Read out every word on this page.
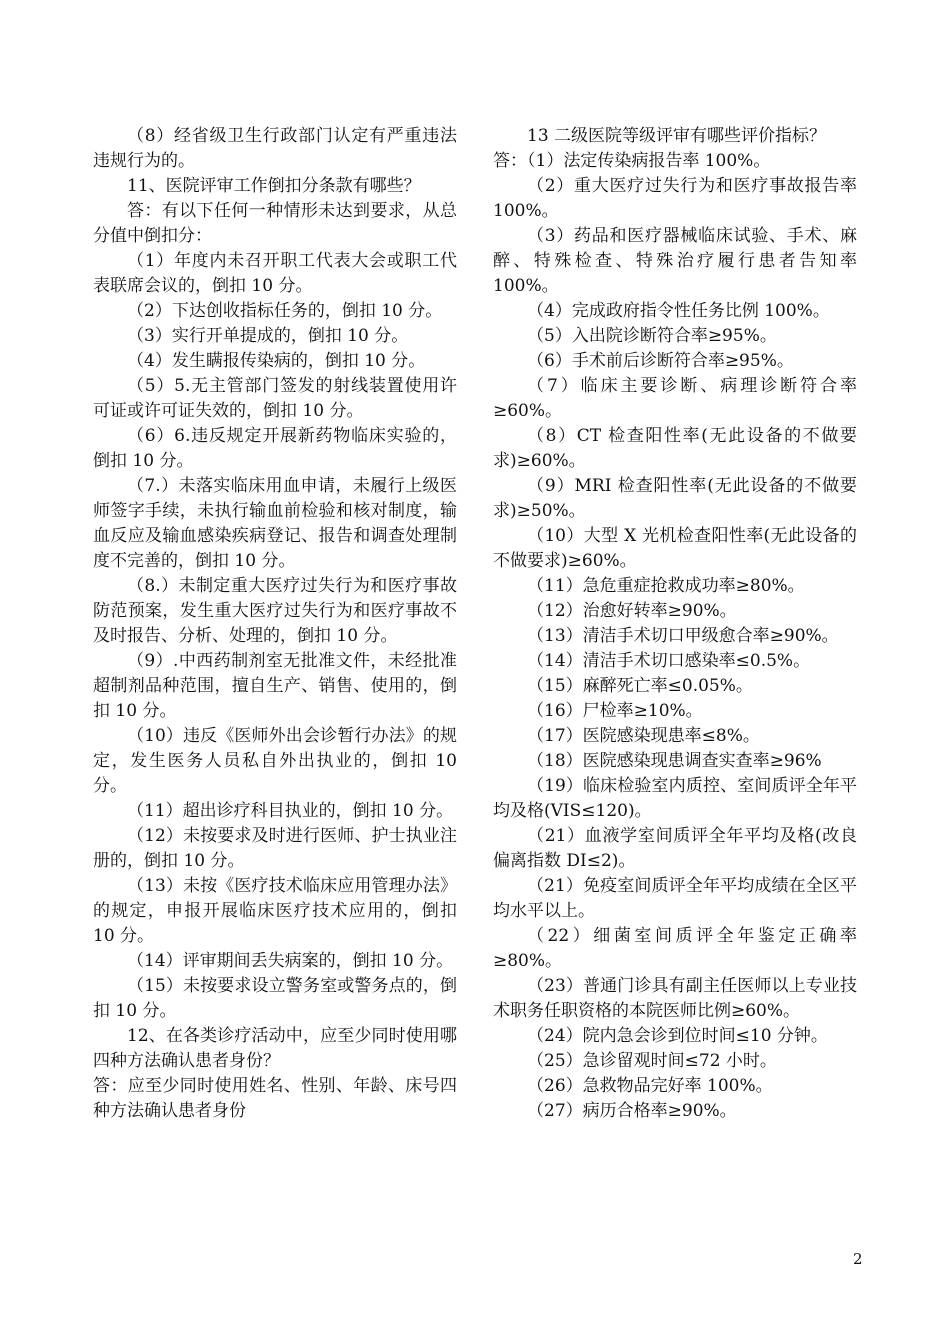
（8）经省级卫生行政部门认定有严重违法违规行为的。

11、医院评审工作倒扣分条款有哪些？

答：有以下任何一种情形未达到要求，从总分值中倒扣分：

（1）年度内未召开职工代表大会或职工代表联席会议的，倒扣 10 分。

（2）下达创收指标任务的，倒扣 10 分。

（3）实行开单提成的，倒扣 10 分。

（4）发生瞒报传染病的，倒扣 10 分。

（5）5.无主管部门签发的射线装置使用许可证或许可证失效的，倒扣 10 分。

（6）6.违反规定开展新药物临床实验的，倒扣 10 分。

（7.）未落实临床用血申请，未履行上级医师签字手续，未执行输血前检验和核对制度，输血反应及输血感染疾病登记、报告和调查处理制度不完善的，倒扣 10 分。

（8.）未制定重大医疗过失行为和医疗事故防范预案，发生重大医疗过失行为和医疗事故不及时报告、分析、处理的，倒扣 10 分。

（9）.中西药制剂室无批准文件，未经批准超制剂品种范围，擅自生产、销售、使用的，倒扣 10 分。

（10）违反《医师外出会诊暂行办法》的规定，发生医务人员私自外出执业的，倒扣 10 分。

（11）超出诊疗科目执业的，倒扣 10 分。

（12）未按要求及时进行医师、护士执业注册的，倒扣 10 分。

（13）未按《医疗技术临床应用管理办法》的规定，申报开展临床医疗技术应用的，倒扣 10 分。

（14）评审期间丢失病案的，倒扣 10 分。

（15）未按要求设立警务室或警务点的，倒扣 10 分。

12、在各类诊疗活动中，应至少同时使用哪四种方法确认患者身份？

答：应至少同时使用姓名、性别、年龄、床号四种方法确认患者身份

13 二级医院等级评审有哪些评价指标？

答：（1）法定传染病报告率 100%。

（2）重大医疗过失行为和医疗事故报告率 100%。

（3）药品和医疗器械临床试验、手术、麻醉、特殊检查、特殊治疗履行患者告知率 100%。

（4）完成政府指令性任务比例 100%。

（5）入出院诊断符合率≥95%。

（6）手术前后诊断符合率≥95%。

（7）临床主要诊断、病理诊断符合率≥60%。

（8）CT 检查阳性率(无此设备的不做要求)≥60%。

（9）MRI 检查阳性率(无此设备的不做要求)≥50%。

（10）大型 X 光机检查阳性率(无此设备的不做要求)≥60%。

（11）急危重症抢救成功率≥80%。

（12）治愈好转率≥90%。

（13）清洁手术切口甲级愈合率≥90%。

（14）清洁手术切口感染率≤0.5%。

（15）麻醉死亡率≤0.05%。

（16）尸检率≥10%。

（17）医院感染现患率≤8%。

（18）医院感染现患调查实查率≥96%

（19）临床检验室内质控、室间质评全年平均及格(VIS≤120)。

（21）血液学室间质评全年平均及格(改良偏离指数 DI≤2)。

（21）免疫室间质评全年平均成绩在全区平均水平以上。

（22）细菌室间质评全年鉴定正确率≥80%。

（23）普通门诊具有副主任医师以上专业技术职务任职资格的本院医师比例≥60%。

（24）院内急会诊到位时间≤10 分钟。

（25）急诊留观时间≤72 小时。

（26）急救物品完好率 100%。

（27）病历合格率≥90%。

2
